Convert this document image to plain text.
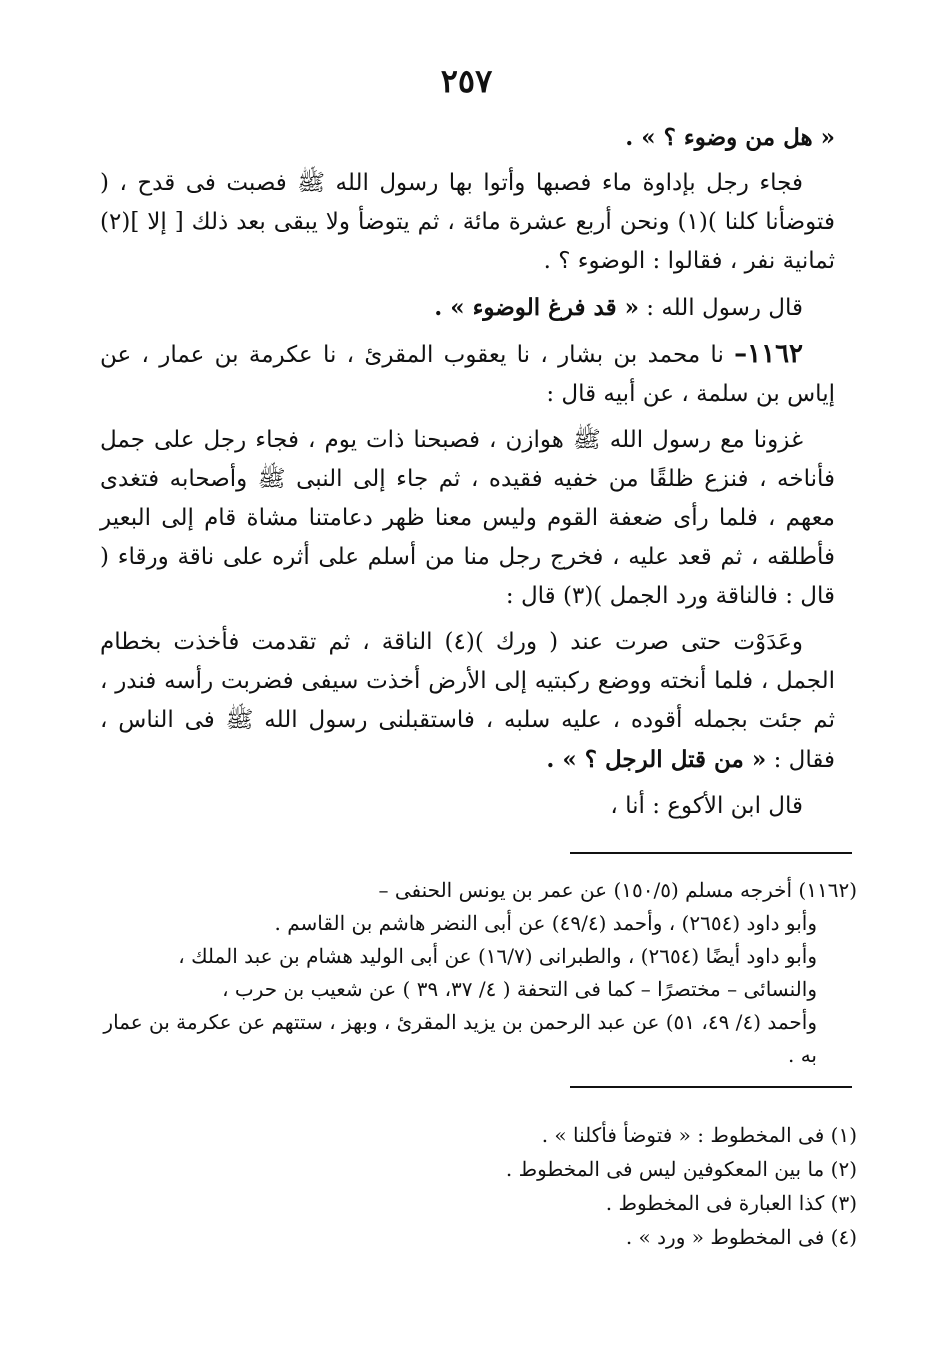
٢٥٧

« هل من وضوء ؟ » .

فجاء رجل بإداوة ماء فصبها وأتوا بها رسول الله ﷺ فصبت فى قدح ، ( فتوضأنا كلنا )(١) ونحن أربع عشرة مائة ، ثم يتوضأ ولا يبقى بعد ذلك [ إلا ](٢) ثمانية نفر ، فقالوا : الوضوء ؟ .

قال رسول الله : « قد فرغ الوضوء » .

١١٦٢– نا محمد بن بشار ، نا يعقوب المقرئ ، نا عكرمة بن عمار ، عن إياس بن سلمة ، عن أبيه قال :

غزونا مع رسول الله ﷺ هوازن ، فصبحنا ذات يوم ، فجاء رجل على جمل فأناخه ، فنزع ظلقًا من خفيه فقيده ، ثم جاء إلى النبى ﷺ وأصحابه فتغدى معهم ، فلما رأى ضعفة القوم وليس معنا ظهر دعامتنا مشاة قام إلى البعير فأطلقه ، ثم قعد عليه ، فخرج رجل منا من أسلم على أثره على ناقة ورقاء ( قال : فالناقة ورد الجمل )(٣) قال :

وعَدَوْت حتى صرت عند ( ورك )(٤) الناقة ، ثم تقدمت فأخذت بخطام الجمل ، فلما أنخته ووضع ركبتيه إلى الأرض أخذت سيفى فضربت رأسه فندر ، ثم جئت بجمله أقوده ، عليه سلبه ، فاستقبلنى رسول الله ﷺ فى الناس ، فقال : « من قتل الرجل ؟ » .

قال ابن الأكوع : أنا ،

(١١٦٢) أخرجه مسلم (١٥٠/٥) عن عمر بن يونس الحنفى –
وأبو داود (٢٦٥٤) ، وأحمد (٤٩/٤) عن أبى النضر هاشم بن القاسم .
وأبو داود أيضًا (٢٦٥٤) ، والطبرانى (١٦/٧) عن أبى الوليد هشام بن عبد الملك ،
والنسائى – مختصرًا – كما فى التحفة ( ٤/ ٣٧، ٣٩ ) عن شعيب بن حرب ،
وأحمد (٤/ ٤٩، ٥١) عن عبد الرحمن بن يزيد المقرئ ، وبهز ، ستتهم عن عكرمة بن عمار
به .
(١) فى المخطوط : « فتوضأ فأكلنا » .
(٢) ما بين المعكوفين ليس فى المخطوط .
(٣) كذا العبارة فى المخطوط .
(٤) فى المخطوط « ورد » .
